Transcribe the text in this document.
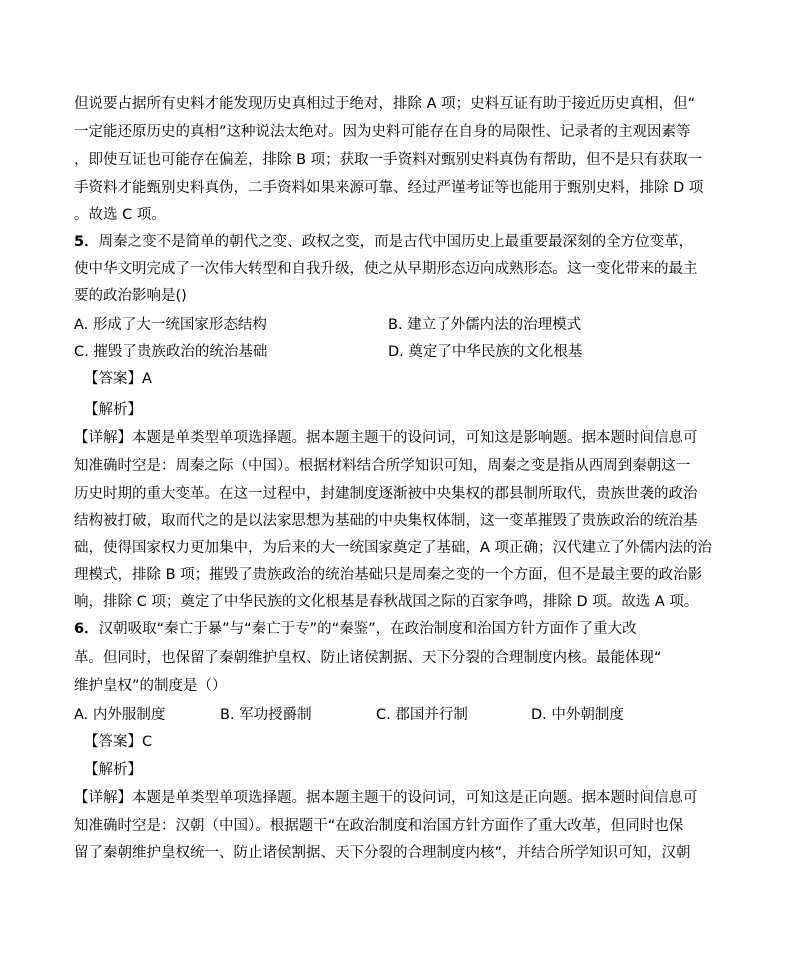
但说要占据所有史料才能发现历史真相过于绝对，排除 A 项；史料互证有助于接近历史真相，但“
一定能还原历史的真相”这种说法太绝对。因为史料可能存在自身的局限性、记录者的主观因素等
，即使互证也可能存在偏差，排除 B 项；获取一手资料对甄别史料真伪有帮助，但不是只有获取一
手资料才能甄别史料真伪，二手资料如果来源可靠、经过严谨考证等也能用于甄别史料，排除 D 项
。故选 C 项。
5．周秦之变不是简单的朝代之变、政权之变，而是古代中国历史上最重要最深刻的全方位变革，
使中华文明完成了一次伟大转型和自我升级，使之从早期形态迈向成熟形态。这一变化带来的最主
要的政治影响是()
A. 形成了大一统国家形态结构	B. 建立了外儒内法的治理模式
C. 摧毁了贵族政治的统治基础	D. 奠定了中华民族的文化根基
【答案】A
【解析】
【详解】本题是单类型单项选择题。据本题主题干的设问词，可知这是影响题。据本题时间信息可
知准确时空是：周秦之际（中国）。根据材料结合所学知识可知，周秦之变是指从西周到秦朝这一
历史时期的重大变革。在这一过程中，封建制度逐渐被中央集权的郡县制所取代，贵族世袭的政治
结构被打破，取而代之的是以法家思想为基础的中央集权体制，这一变革摧毁了贵族政治的统治基
础，使得国家权力更加集中，为后来的大一统国家奠定了基础，A 项正确；汉代建立了外儒内法的治
理模式，排除 B 项；摧毁了贵族政治的统治基础只是周秦之变的一个方面，但不是最主要的政治影
响，排除 C 项；奠定了中华民族的文化根基是春秋战国之际的百家争鸣，排除 D 项。故选 A 项。
6．汉朝吸取“秦亡于暴”与“秦亡于专”的“秦鉴”，在政治制度和治国方针方面作了重大改
革。但同时，也保留了秦朝维护皇权、防止诸侯割据、天下分裂的合理制度内核。最能体现“
维护皇权”的制度是（）
A. 内外服制度	B. 军功授爵制	C. 郡国并行制	D. 中外朝制度
【答案】C
【解析】
【详解】本题是单类型单项选择题。据本题主题干的设问词，可知这是正向题。据本题时间信息可
知准确时空是：汉朝（中国）。根据题干“在政治制度和治国方针方面作了重大改革，但同时也保
留了秦朝维护皇权统一、防止诸侯割据、天下分裂的合理制度内核”，并结合所学知识可知，汉朝
